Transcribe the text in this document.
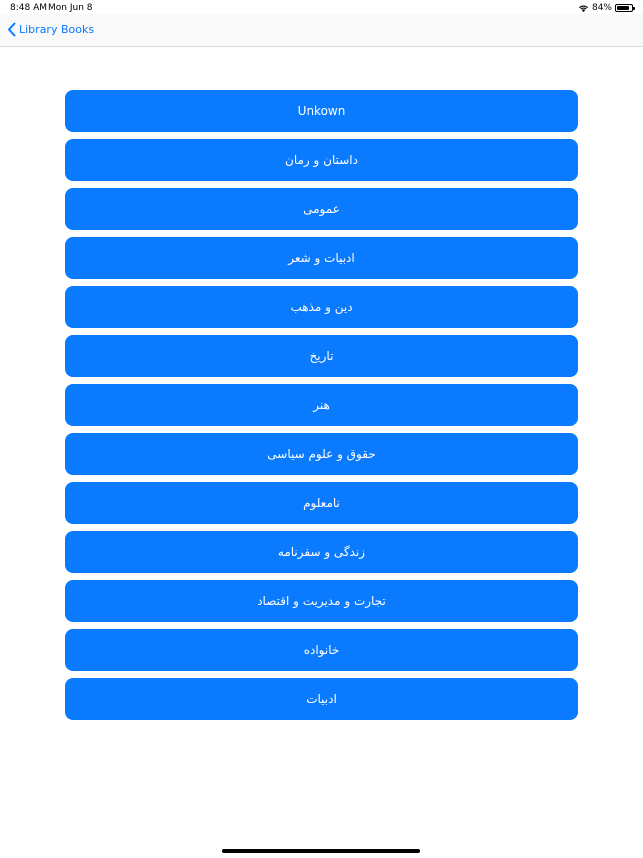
8:48 AM Mon Jun 8	84%
Library Books
Unkown
داستان و رمان
عمومی
ادبیات و شعر
دین و مذهب
تاریخ
هنر
حقوق و علوم سیاسی
نامعلوم
زندگی و سفرنامه
تجارت و مدیریت و اقتصاد
خانواده
ادبیات
